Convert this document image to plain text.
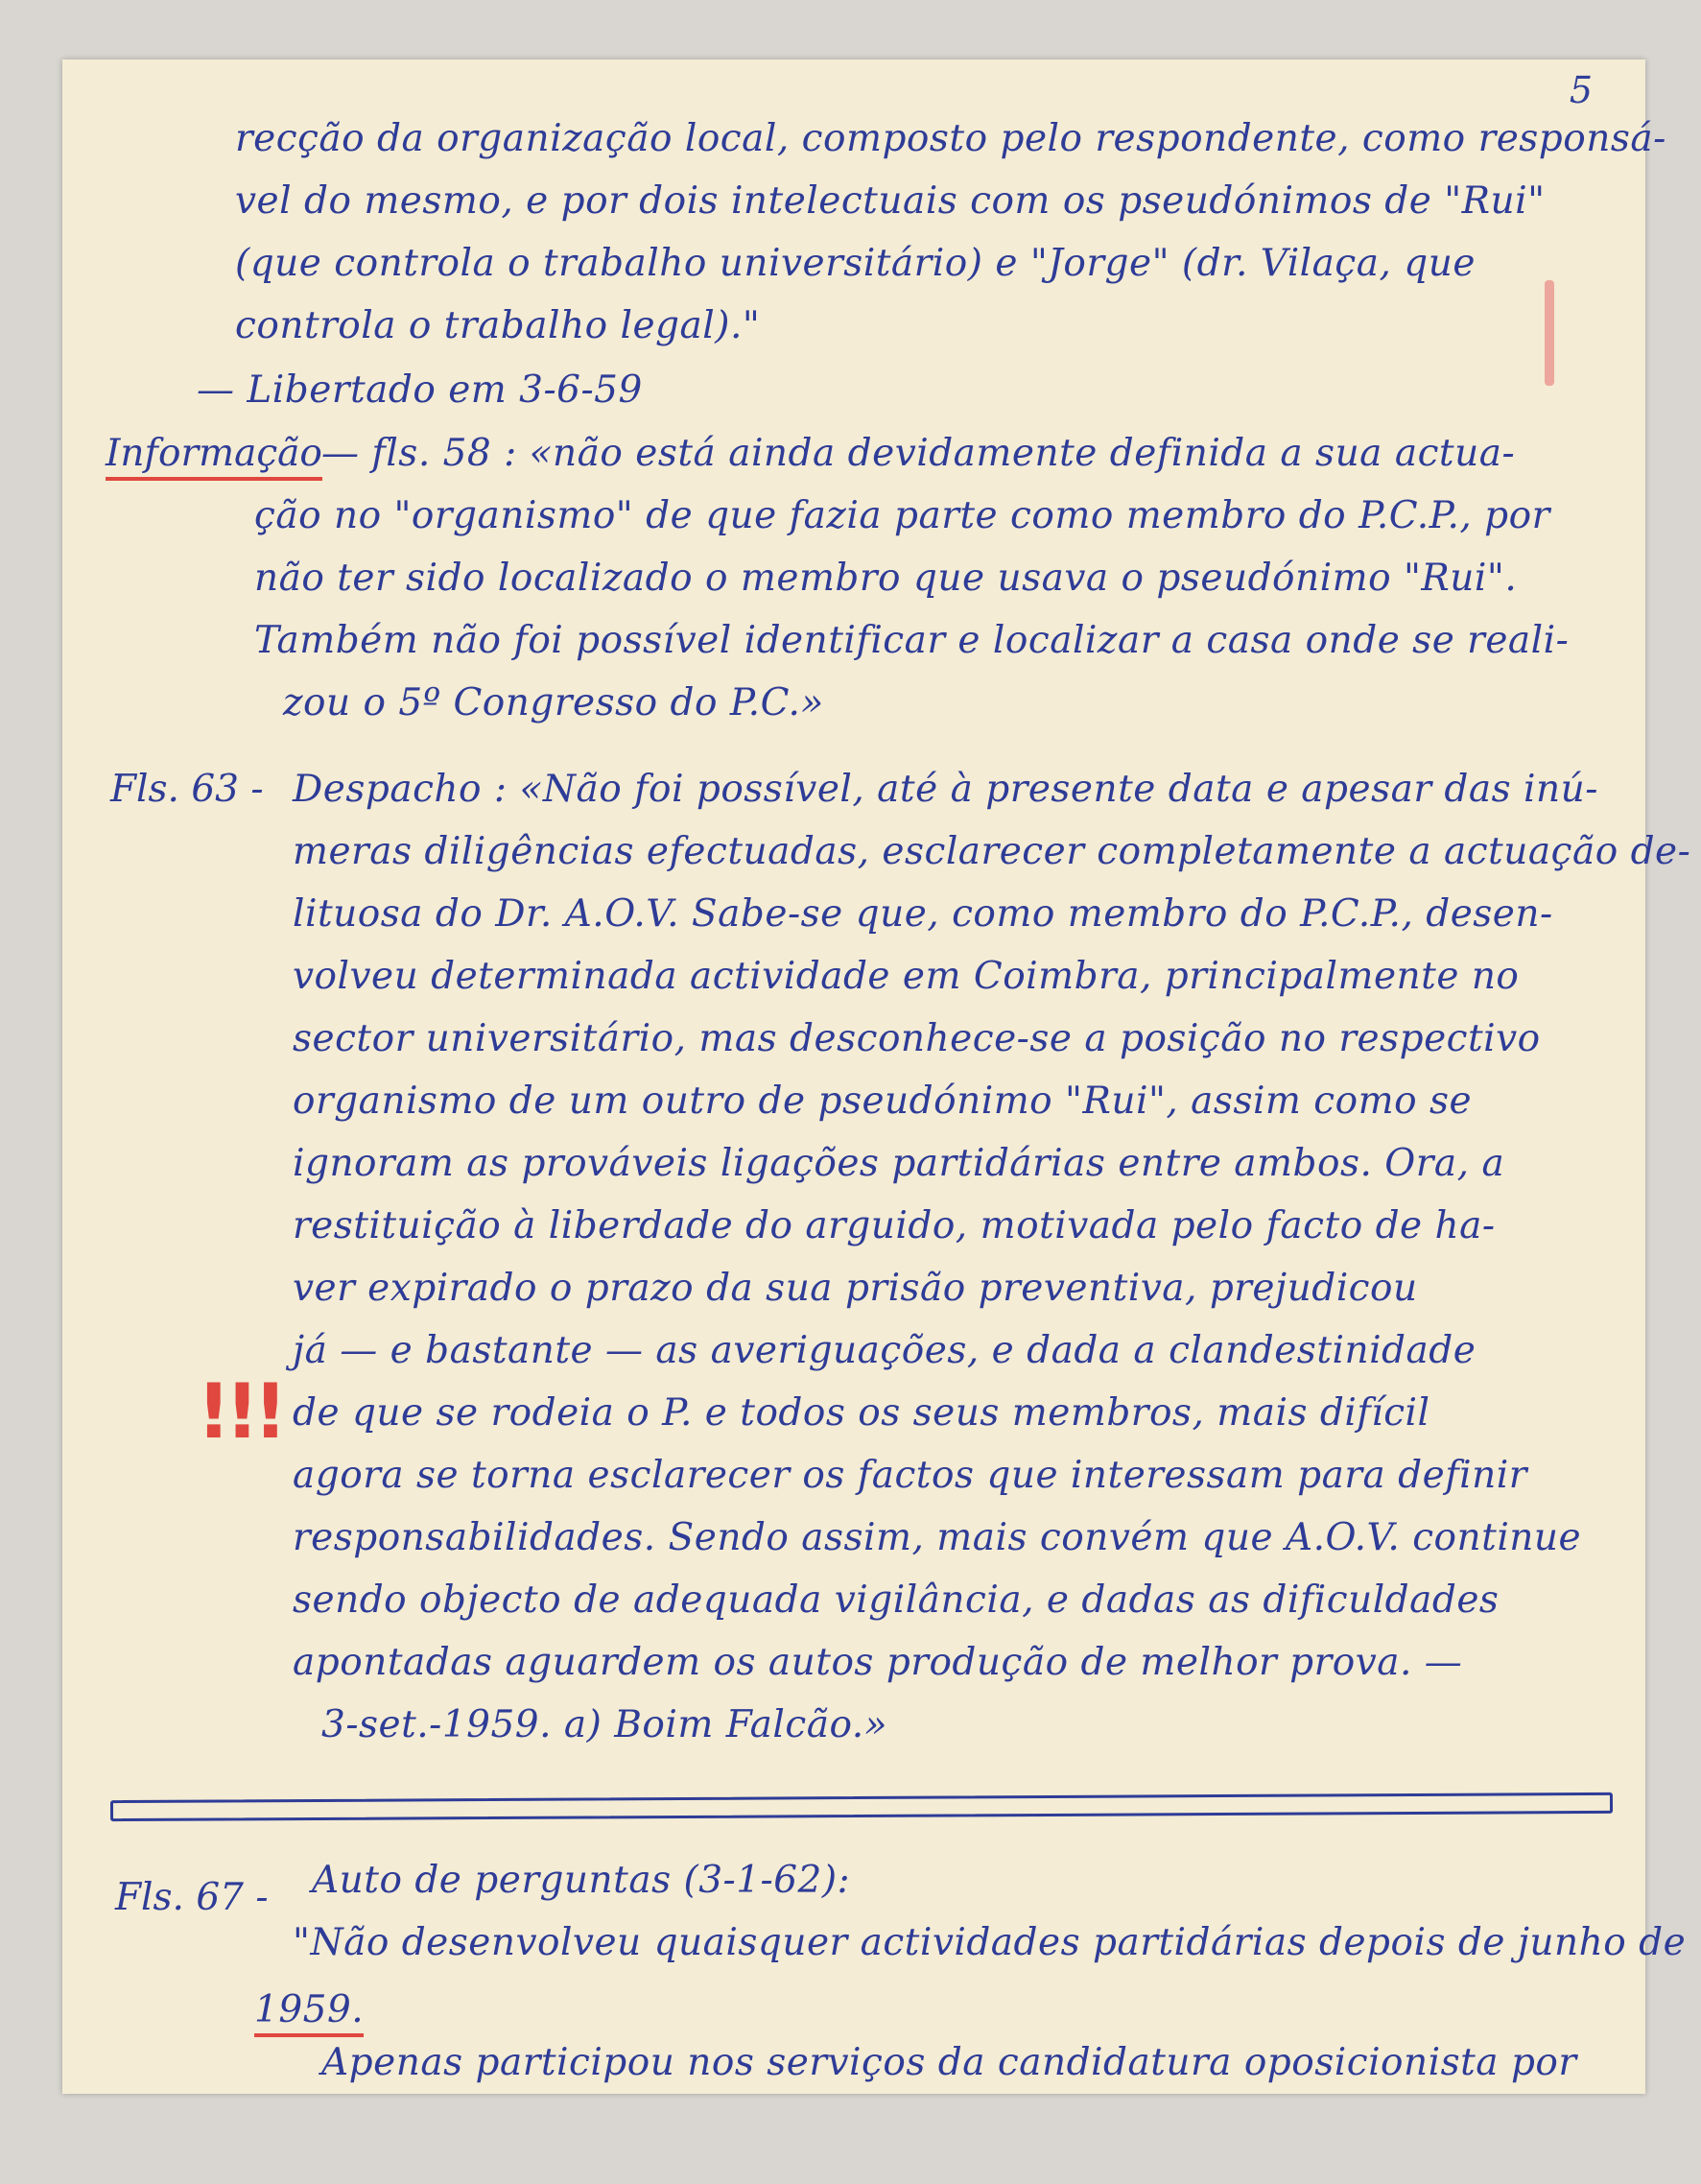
5
recção da organização local, composto pelo respondente, como responsá-
vel do mesmo, e por dois intelectuais com os pseudónimos de "Rui"
(que controla o trabalho universitário) e "Jorge" (dr. Vilaça, que
controla o trabalho legal)."
— Libertado em 3-6-59
Informação — fls. 58 : «não está ainda devidamente definida a sua actua-
ção no "organismo" de que fazia parte como membro do P.C.P., por
não ter sido localizado o membro que usava o pseudónimo "Rui".
Também não foi possível identificar e localizar a casa onde se reali-
zou o 5º Congresso do P.C.»
Fls. 63 - Despacho : «Não foi possível, até à presente data e apesar das inú-
meras diligências efectuadas, esclarecer completamente a actuação de-
lituosa do Dr. A.O.V. Sabe-se que, como membro do P.C.P., desen-
volveu determinada actividade em Coimbra, principalmente no
sector universitário, mas desconhece-se a posição no respectivo
organismo de um outro de pseudónimo "Rui", assim como se
ignoram as prováveis ligações partidárias entre ambos. Ora, a
restituição à liberdade do arguido, motivada pelo facto de ha-
ver expirado o prazo da sua prisão preventiva, prejudicou
!!!
já — e bastante — as averiguações, e dada a clandestinidade
de que se rodeia o P. e todos os seus membros, mais difícil
agora se torna esclarecer os factos que interessam para definir
responsabilidades. Sendo assim, mais convém que A.O.V. continue
sendo objecto de adequada vigilância, e dadas as dificuldades
apontadas aguardem os autos produção de melhor prova. —
3-set.-1959. a) Boim Falcão.»
Fls. 67 - Auto de perguntas (3-1-62):
"Não desenvolveu quaisquer actividades partidárias depois de junho de
1959.
Apenas participou nos serviços da candidatura oposicionista por
